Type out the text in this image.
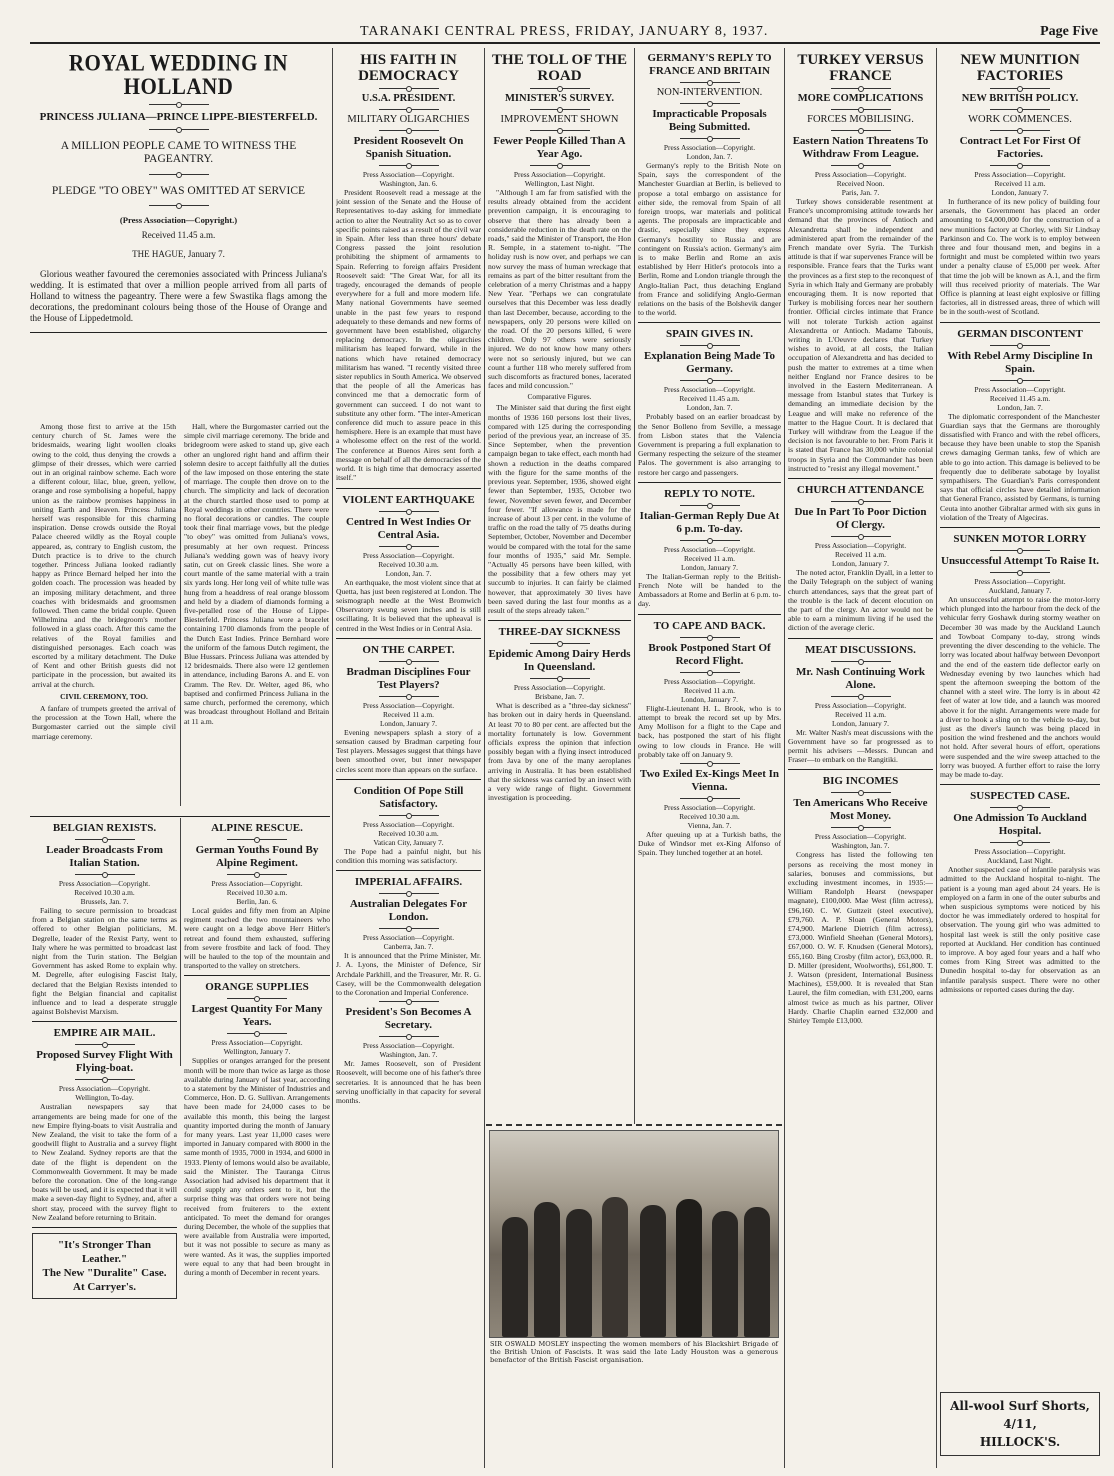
TARANAKI CENTRAL PRESS, FRIDAY, JANUARY 8, 1937.	Page Five
ROYAL WEDDING IN HOLLAND
PRINCESS JULIANA—PRINCE LIPPE-BIESTERFELD.
A MILLION PEOPLE CAME TO WITNESS THE PAGEANTRY.
PLEDGE "TO OBEY" WAS OMITTED AT SERVICE
(Press Association—Copyright.)
Received 11.45 a.m.
THE HAGUE, January 7.

Glorious weather favoured the ceremonies associated with Princess Juliana's wedding. It is estimated that over a million people arrived from all parts of Holland to witness the pageantry. There were a few Swastika flags among the decorations, the predominant colours being those of the House of Orange and the House of Lippedetmold.

Among those first to arrive at the 15th century church of St. James were the bridesmaids, wearing light woollen cloaks owing to the cold, thus denying the crowds a glimpse of their dresses, which were carried out in an original rainbow scheme. Each wore a different colour, lilac, blue, green, yellow, orange and rose symbolising a hopeful, happy union as the rainbow promises happiness in uniting Earth and Heaven. Princess Juliana herself was responsible for this charming inspiration. Dense crowds outside the Royal Palace cheered wildly as the Royal couple appeared, as, contrary to English custom, the Dutch practice is to drive to the church together. Princess Juliana looked radiantly happy as Prince Bernard helped her into the golden coach. The procession was headed by an imposing military detachment, and three coaches with bridesmaids and groomsmen followed. Then came the bridal couple. Queen Wilhelmina and the bridegroom's mother followed in a glass coach. After this came the relatives of the Royal families and distinguished personages. Each coach was escorted by a military detachment. The Duke of Kent and other British guests did not participate in the procession, but awaited its arrival at the church.

CIVIL CEREMONY, TOO.

A fanfare of trumpets greeted the arrival of the procession at the Town Hall, where the Burgomaster carried out the simple civil marriage ceremony.

Hall, where the Burgomaster carried out the simple civil marriage ceremony. The bride and bridegroom were asked to stand up, give each other an unglored right hand and affirm their solemn desire to accept faithfully all the duties of the law imposed on those entering the state of marriage. The couple then drove on to the church. The simplicity and lack of decoration at the church startled those used to pomp at Royal weddings in other countries. There were no floral decorations or candles. The couple took their final marriage vows, but the pledge "to obey" was omitted from Juliana's vows, presumably at her own request. Princess Juliana's wedding gown was of heavy ivory satin, cut on Greek classic lines. She wore a court mantle of the same material with a train six yards long. Her long veil of white tulle was hung from a headdress of real orange blossom and held by a diadem of diamonds forming a five-petalled rose of the House of Lippe-Biesterfeld. Princess Juliana wore a bracelet containing 1700 diamonds from the people of the Dutch East Indies. Prince Bernhard wore the uniform of the famous Dutch regiment, the Blue Hussars. Princess Juliana was attended by 12 bridesmaids. There also were 12 gentlemen in attendance, including Barons A. and E. von Cramm. The Rev. Dr. Welter, aged 86, who baptised and confirmed Princess Juliana in the same church, performed the ceremony, which was broadcast throughout Holland and Britain at 11 a.m.

BELGIAN REXISTS.
Leader Broadcasts From Italian Station.
Press Association—Copyright.
Received 10.30 a.m.
Brussels, Jan. 7.

Failing to secure permission to broadcast from a Belgian station on the same terms as offered to other Belgian politicians, M. Degrelle, leader of the Rexist Party, went to Italy where he was permitted to broadcast last night from the Turin station. The Belgian Government has asked Rome to explain why. M. Degrelle, after eulogising Fascist Italy, declared that the Belgian Rexists intended to fight the Belgian financial and capitalist influence and to lead a desperate struggle against Bolshevist Marxism.

EMPIRE AIR MAIL.
Proposed Survey Flight With Flying-boat.
Press Association—Copyright.
Wellington, To-day.

Australian newspapers say that arrangements are being made for one of the new Empire flying-boats to visit Australia and New Zealand, the visit to take the form of a goodwill flight to Australia and a survey flight to New Zealand. Sydney reports are that the date of the flight is dependent on the Commonwealth Government. It may be made before the coronation. One of the long-range boats will be used, and it is expected that it will make a seven-day flight to Sydney, and, after a short stay, proceed with the survey flight to New Zealand before returning to Britain.

"It's Stronger Than Leather."
The New "Duralite" Case.
At Carryer's.
ALPINE RESCUE.
German Youths Found By Alpine Regiment.
Press Association—Copyright.
Received 10.30 a.m.
Berlin, Jan. 6.

Local guides and fifty men from an Alpine regiment reached the two mountaineers who were caught on a ledge above Herr Hitler's retreat and found them exhausted, suffering from severe frostbite and lack of food. They will be hauled to the top of the mountain and transported to the valley on stretchers.

ORANGE SUPPLIES
Largest Quantity For Many Years.
Press Association—Copyright.
Wellington, January 7.

Supplies or oranges arranged for the present month will be more than twice as large as those available during January of last year, according to a statement by the Minister of Industries and Commerce, Hon. D. G. Sullivan. Arrangements have been made for 24,000 cases to be available this month, this being the largest quantity imported during the month of January for many years. Last year 11,000 cases were imported in January compared with 8000 in the same month of 1935, 7000 in 1934, and 6000 in 1933. Plenty of lemons would also be available, said the Minister. The Tauranga Citrus Association had advised his department that it could supply any orders sent to it, but the surprise thing was that orders were not being received from fruiterers to the extent anticipated. To meet the demand for oranges during December, the whole of the supplies that were available from Australia were imported, but it was not possible to secure as many as were wanted. As it was, the supplies imported were equal to any that had been brought in during a month of December in recent years.

HIS FAITH IN DEMOCRACY
U.S.A. PRESIDENT.
MILITARY OLIGARCHIES
President Roosevelt On Spanish Situation.
Press Association—Copyright.
Washington, Jan. 6.

President Roosevelt read a message at the joint session of the Senate and the House of Representatives to-day asking for immediate action to alter the Neutrality Act so as to cover specific points raised as a result of the civil war in Spain. After less than three hours' debate Congress passed the joint resolution prohibiting the shipment of armaments to Spain. Referring to foreign affairs President Roosevelt said: "The Great War, for all its tragedy, encouraged the demands of people everywhere for a full and more modern life. Many national Governments have seemed unable in the past few years to respond adequately to these demands and new forms of government have been established, oligarchy replacing democracy. In the oligarchies militarism has leaped forward, while in the nations which have retained democracy militarism has waned. "I recently visited three sister republics in South America. We observed that the people of all the Americas has convinced me that a democratic form of government can succeed. I do not want to substitute any other form. "The inter-American conference did much to assure peace in this hemisphere. Here is an example that must have a wholesome effect on the rest of the world. The conference at Buenos Aires sent forth a message on behalf of all the democracies of the world. It is high time that democracy asserted itself."

VIOLENT EARTHQUAKE
Centred In West Indies Or Central Asia.
Press Association—Copyright.
Received 10.30 a.m.
London, Jan. 7.

An earthquake, the most violent since that at Quetta, has just been registered at London. The seismograph needle at the West Bromwich Observatory swung seven inches and is still oscillating. It is believed that the upheaval is centred in the West Indies or in Central Asia.

ON THE CARPET.
Bradman Disciplines Four Test Players?
Press Association—Copyright.
Received 11 a.m.
London, January 7.

Evening newspapers splash a story of a sensation caused by Bradman carpeting four Test players. Messages suggest that things have been smoothed over, but inner newspaper circles scent more than appears on the surface.

Condition Of Pope Still Satisfactory.
Press Association—Copyright.
Received 10.30 a.m.
Vatican City, January 7.

The Pope had a painful night, but his condition this morning was satisfactory.

IMPERIAL AFFAIRS.
Australian Delegates For London.
Press Association—Copyright.
Canberra, Jan. 7.

It is announced that the Prime Minister, Mr. J. A. Lyons, the Minister of Defence, Sir Archdale Parkhill, and the Treasurer, Mr. R. G. Casey, will be the Commonwealth delegation to the Coronation and Imperial Conference.

President's Son Becomes A Secretary.
Press Association—Copyright.
Washington, Jan. 7.

Mr. James Roosevelt, son of President Roosevelt, will become one of his father's three secretaries. It is announced that he has been serving unofficially in that capacity for several months.

THE TOLL OF THE ROAD
MINISTER'S SURVEY.
IMPROVEMENT SHOWN
Fewer People Killed Than A Year Ago.
Press Association—Copyright.
Wellington, Last Night.

"Although I am far from satisfied with the results already obtained from the accident prevention campaign, it is encouraging to observe that there has already been a considerable reduction in the death rate on the roads," said the Minister of Transport, the Hon R. Semple, in a statement to-night. "The holiday rush is now over, and perhaps we can now survey the mass of human wreckage that remains as part of the bitter resultant from the celebration of a merry Christmas and a happy New Year. "Perhaps we can congratulate ourselves that this December was less deadly than last December, because, according to the newspapers, only 20 persons were killed on the road. Of the 20 persons killed, 6 were children. Only 97 others were seriously injured. We do not know how many others were not so seriously injured, but we can count a further 118 who merely suffered from such discomforts as fractured bones, lacerated faces and mild concussion."

Comparative Figures.

The Minister said that during the first eight months of 1936 160 persons lost their lives, compared with 125 during the corresponding period of the previous year, an increase of 35. Since September, when the prevention campaign began to take effect, each month had shown a reduction in the deaths compared with the figure for the same months of the previous year. September, 1936, showed eight fewer than September, 1935, October two fewer, November seven fewer, and December four fewer. "If allowance is made for the increase of about 13 per cent. in the volume of traffic on the road the tally of 75 deaths during September, October, November and December would be compared with the total for the same four months of 1935," said Mr. Semple. "Actually 45 persons have been killed, with the possibility that a few others may yet succumb to injuries. It can fairly be claimed however, that approximately 30 lives have been saved during the last four months as a result of the steps already taken."

THREE-DAY SICKNESS
Epidemic Among Dairy Herds In Queensland.
Press Association—Copyright.
Brisbane, Jan. 7.

What is described as a "three-day sickness" has broken out in dairy herds in Queensland. At least 70 to 80 per cent. are affected but the mortality fortunately is low. Government officials express the opinion that infection possibly began with a flying insect introduced from Java by one of the many aeroplanes arriving in Australia. It has been established that the sickness was carried by an insect with a very wide range of flight. Government investigation is proceeding.

GERMANY'S REPLY TO FRANCE AND BRITAIN
NON-INTERVENTION.
Impracticable Proposals Being Submitted.
Press Association—Copyright.
London, Jan. 7.

Germany's reply to the British Note on Spain, says the correspondent of the Manchester Guardian at Berlin, is believed to propose a total embargo on assistance for either side, the removal from Spain of all foreign troops, war materials and political agents. The proposals are impracticable and drastic, especially since they express Germany's hostility to Russia and are contingent on Russia's action. Germany's aim is to make Berlin and Rome an axis established by Herr Hitler's protocols into a Berlin, Rome and London triangle through the Anglo-Italian Pact, thus detaching England from France and solidifying Anglo-German relations on the basis of the Bolshevik danger to the world.

SPAIN GIVES IN.
Explanation Being Made To Germany.
Press Association—Copyright.
Received 11.45 a.m.
London, Jan. 7.

Probably based on an earlier broadcast by the Senor Bolleno from Seville, a message from Lisbon states that the Valencia Government is preparing a full explanation to Germany respecting the seizure of the steamer Palos. The government is also arranging to restore her cargo and passengers.

REPLY TO NOTE.
Italian-German Reply Due At 6 p.m. To-day.
Press Association—Copyright.
Received 11 a.m.
London, January 7.

The Italian-German reply to the British-French Note will be handed to the Ambassadors at Rome and Berlin at 6 p.m. to-day.

TO CAPE AND BACK.
Brook Postponed Start Of Record Flight.
Press Association—Copyright.
Received 11 a.m.
London, January 7.

Flight-Lieutenant H. L. Brook, who is to attempt to break the record set up by Mrs. Amy Mollison for a flight to the Cape and back, has postponed the start of his flight owing to low clouds in France. He will probably take off on January 9.

Two Exiled Ex-Kings Meet In Vienna.
Press Association—Copyright.
Received 10.30 a.m.
Vienna, Jan. 7.

After queuing up at a Turkish baths, the Duke of Windsor met ex-King Alfonso of Spain. They lunched together at an hotel.

SIR OSWALD MOSLEY inspecting the women members of his Blackshirt Brigade of the British Union of Fascists. It was said the late Lady Houston was a generous benefactor of the British Fascist organisation.

TURKEY VERSUS FRANCE
MORE COMPLICATIONS
FORCES MOBILISING.
Eastern Nation Threatens To Withdraw From League.
Press Association—Copyright.
Received Noon.
Paris, Jan. 7.

Turkey shows considerable resentment at France's uncompromising attitude towards her demand that the provinces of Antioch and Alexandretta shall be independent and administered apart from the remainder of the French mandate over Syria. The Turkish attitude is that if war supervenes France will be responsible. France fears that the Turks want the provinces as a first step to the reconquest of Syria in which Italy and Germany are probably encouraging them. It is now reported that Turkey is mobilising forces near her southern frontier. Official circles intimate that France will not tolerate Turkish action against Alexandretta or Antioch. Madame Tabouis, writing in L'Oeuvre declares that Turkey wishes to avoid, at all costs, the Italian occupation of Alexandretta and has decided to push the matter to extremes at a time when neither England nor France desires to be involved in the Eastern Mediterranean. A message from Istanbul states that Turkey is demanding an immediate decision by the League and will make no reference of the matter to the Hague Court. It is declared that Turkey will withdraw from the League if the decision is not favourable to her. From Paris it is stated that France has 30,000 white colonial troops in Syria and the Commander has been instructed to "resist any illegal movement."

CHURCH ATTENDANCE
Due In Part To Poor Diction Of Clergy.
Press Association—Copyright.
Received 11 a.m.
London, January 7.

The noted actor, Franklin Dyall, in a letter to the Daily Telegraph on the subject of waning church attendances, says that the great part of the trouble is the lack of decent elocution on the part of the clergy. An actor would not be able to earn a minimum living if he used the diction of the average cleric.

MEAT DISCUSSIONS.
Mr. Nash Continuing Work Alone.
Press Association—Copyright.
Received 11 a.m.
London, January 7.

Mr. Walter Nash's meat discussions with the Government have so far progressed as to permit his advisers —Messrs. Duncan and Fraser—to embark on the Rangitiki.

BIG INCOMES
Ten Americans Who Receive Most Money.
Press Association—Copyright.
Washington, Jan. 7.

Congress has listed the following ten persons as receiving the most money in salaries, bonuses and commissions, but excluding investment incomes, in 1935:— William Randolph Hearst (newspaper magnate), £100,000. Mae West (film actress), £96,160. C. W. Guttzeit (steel executive), £79,760. A. P. Sloan (General Motors), £74,900. Marlene Dietrich (film actress), £73,000. Winfield Sheehan (General Motors), £67,000. O. W. F. Knudsen (General Motors), £65,160. Bing Crosby (film actor), £63,000. R. D. Miller (president, Woolworths), £61,800. T. J. Watson (president, International Business Machines), £59,000. It is revealed that Stan Laurel, the film comedian, with £31,200, earns almost twice as much as his partner, Oliver Hardy. Charlie Chaplin earned £32,000 and Shirley Temple £13,000.

NEW MUNITION FACTORIES
NEW BRITISH POLICY.
WORK COMMENCES.
Contract Let For First Of Factories.
Press Association—Copyright.
Received 11 a.m.
London, January 7.

In furtherance of its new policy of building four arsenals, the Government has placed an order amounting to £4,000,000 for the construction of a new munitions factory at Chorley, with Sir Lindsay Parkinson and Co. The work is to employ between three and four thousand men, and begins in a fortnight and must be completed within two years under a penalty clause of £5,000 per week. After that time the job will be known as A.1, and the firm will thus received priority of materials. The War Office is planning at least eight explosive or filling factories, all in distressed areas, three of which will be in the south-west of Scotland.

GERMAN DISCONTENT
With Rebel Army Discipline In Spain.
Press Association—Copyright.
Received 11.45 a.m.
London, Jan. 7.

The diplomatic correspondent of the Manchester Guardian says that the Germans are thoroughly dissatisfied with Franco and with the rebel officers, because they have been unable to stop the Spanish crews damaging German tanks, few of which are able to go into action. This damage is believed to be frequently due to deliberate sabotage by loyalist sympathisers. The Guardian's Paris correspondent says that official circles have detailed information that General Franco, assisted by Germans, is turning Ceuta into another Gibraltar armed with six guns in violation of the Treaty of Algeciras.

SUNKEN MOTOR LORRY
Unsuccessful Attempt To Raise It.
Press Association—Copyright.
Auckland, January 7.

An unsuccessful attempt to raise the motor-lorry which plunged into the harbour from the deck of the vehicular ferry Goshawk during stormy weather on December 30 was made by the Auckland Launch and Towboat Company to-day, strong winds preventing the diver descending to the vehicle. The lorry was located about halfway between Devonport and the end of the eastern tide deflector early on Wednesday evening by two launches which had spent the afternoon sweeping the bottom of the channel with a steel wire. The lorry is in about 42 feet of water at low tide, and a launch was moored above it for the night. Arrangements were made for a diver to hook a sling on to the vehicle to-day, but just as the diver's launch was being placed in position the wind freshened and the anchors would not hold. After several hours of effort, operations were suspended and the wire sweep attached to the lorry was buoyed. A further effort to raise the lorry may be made to-day.

SUSPECTED CASE.
One Admission To Auckland Hospital.
Press Association—Copyright.
Auckland, Last Night.

Another suspected case of infantile paralysis was admitted to the Auckland hospital to-night. The patient is a young man aged about 24 years. He is employed on a farm in one of the outer suburbs and when suspicious symptoms were noticed by his doctor he was immediately ordered to hospital for observation. The young girl who was admitted to hospital last week is still the only positive case reported at Auckland. Her condition has continued to improve. A boy aged four years and a half who comes from King Street was admitted to the Dunedin hospital to-day for observation as an infantile paralysis suspect. There were no other admissions or reported cases during the day.

All-wool Surf Shorts,
4/11,
HILLOCK'S.
